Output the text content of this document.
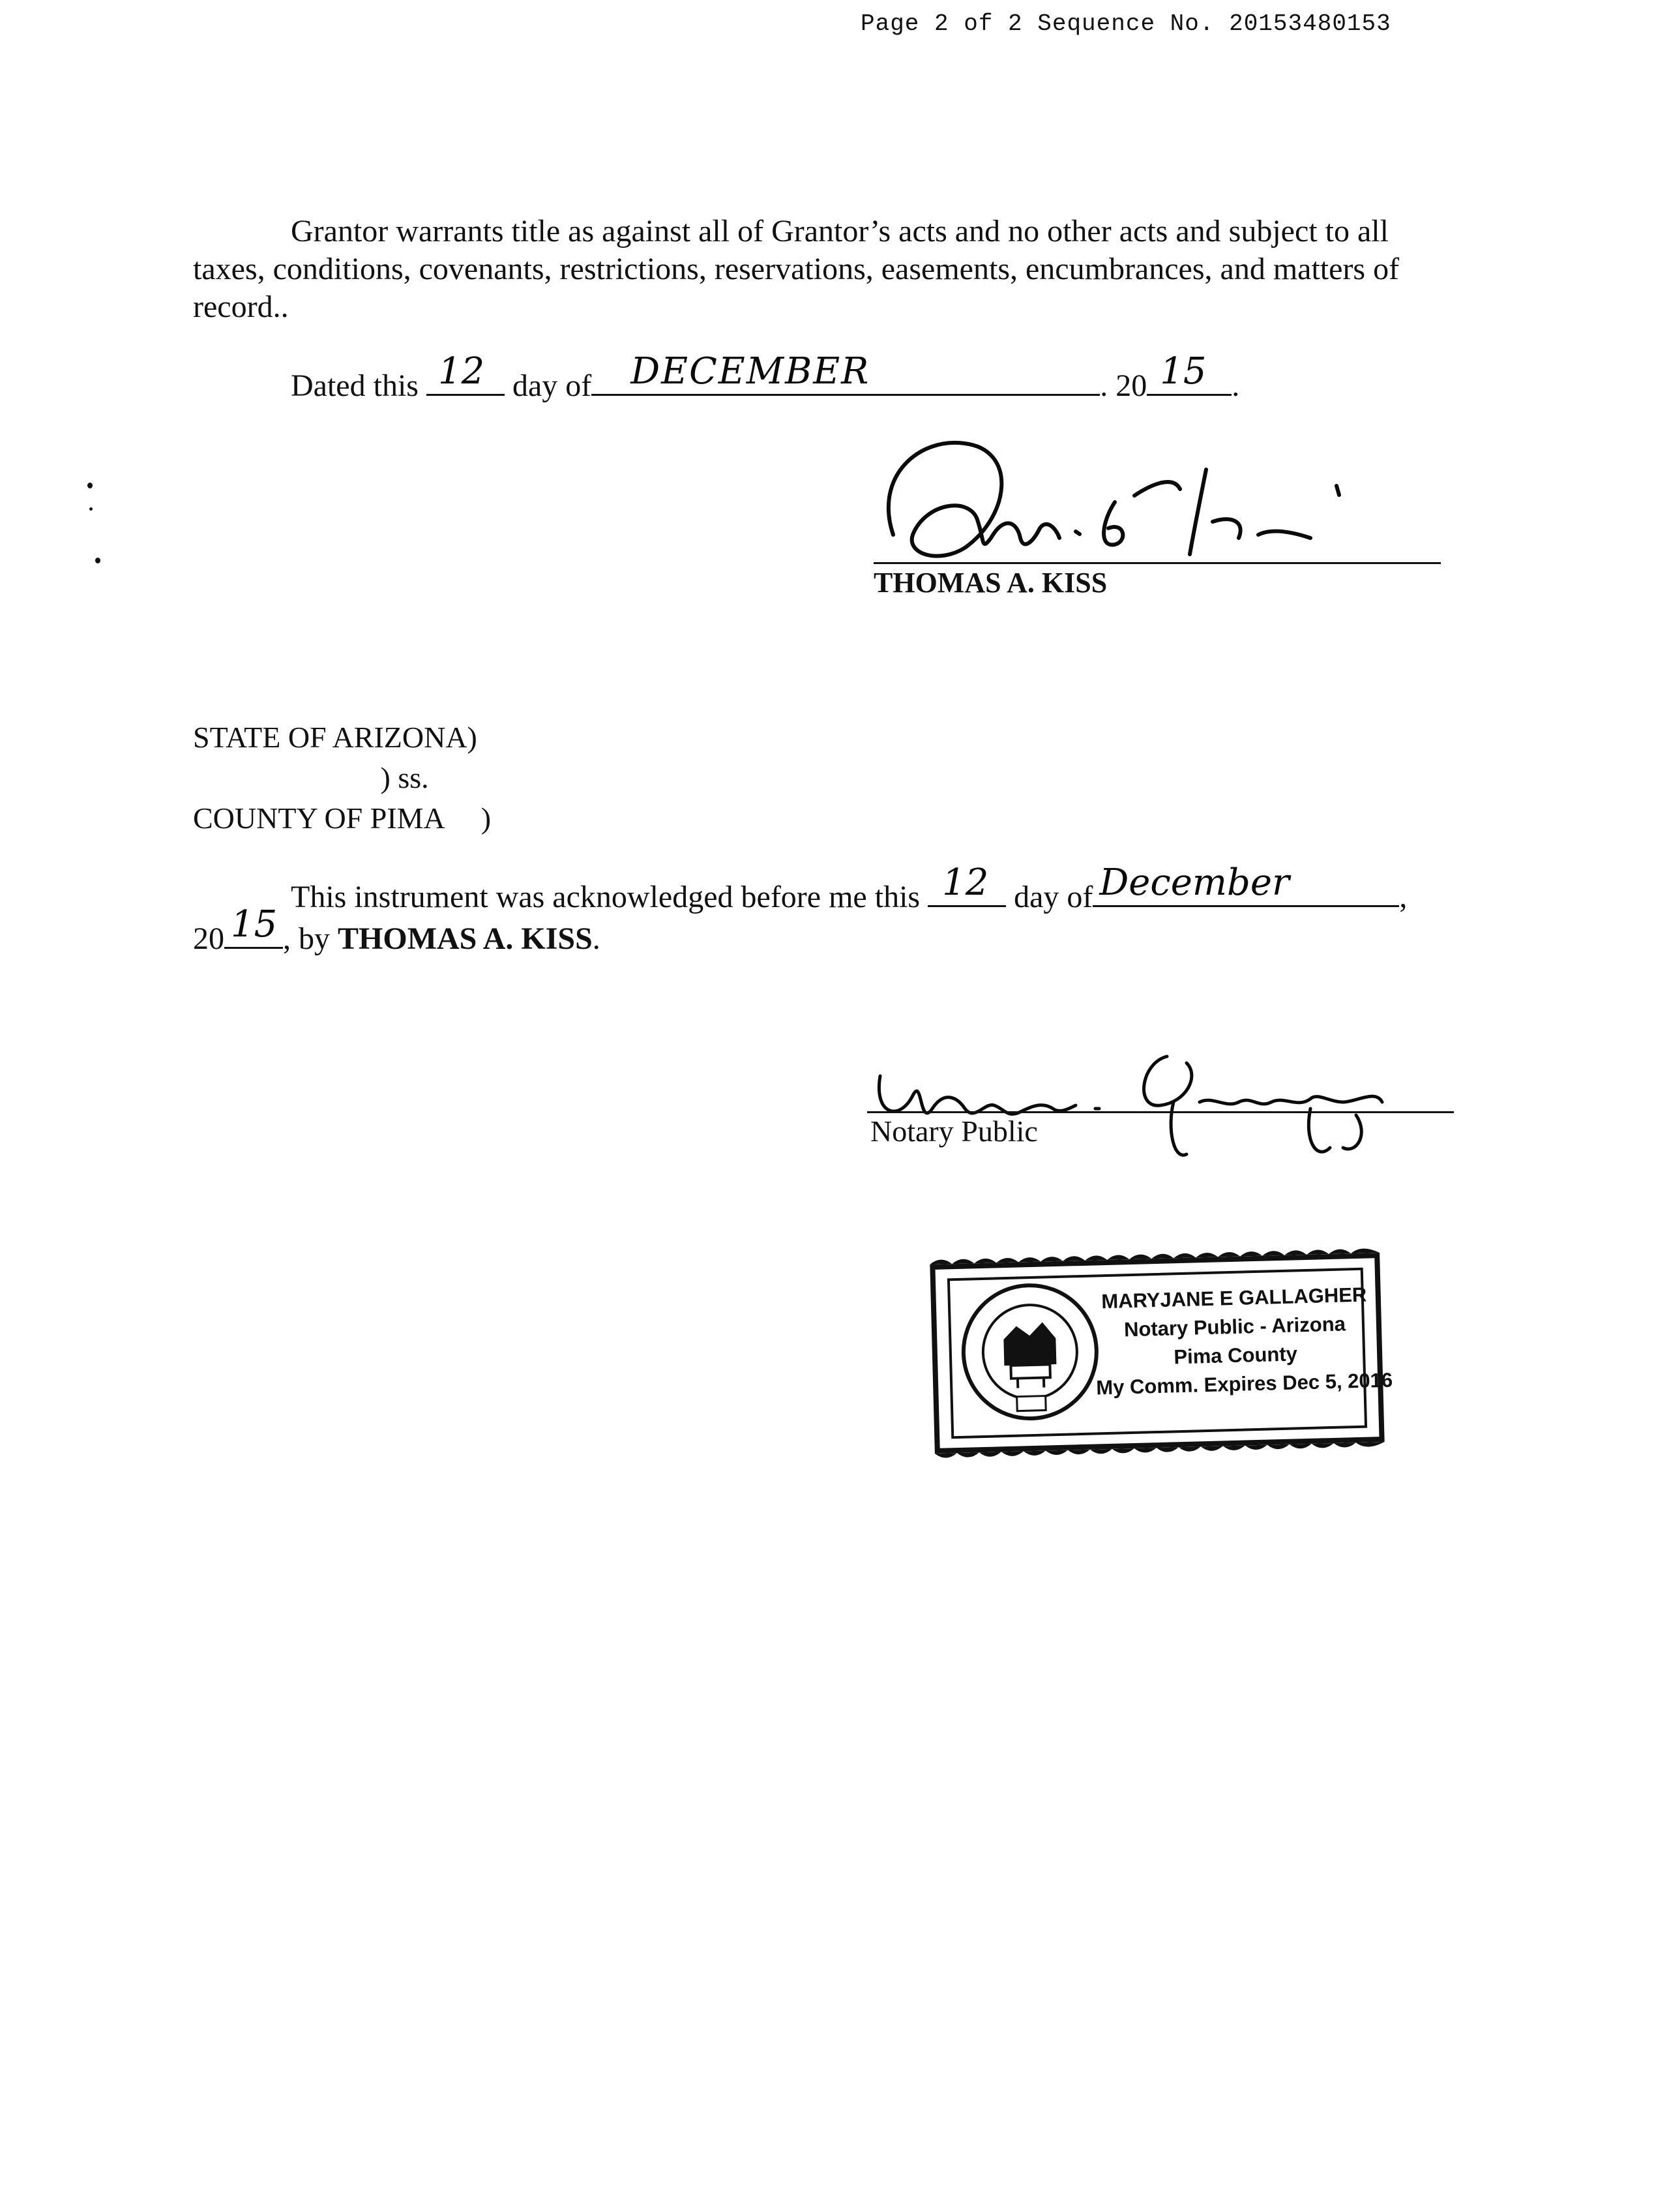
Page 2 of 2 Sequence No. 20153480153

Grantor warrants title as against all of Grantor’s acts and no other acts and subject to all taxes, conditions, covenants, restrictions, reservations, easements, encumbrances, and matters of record..

Dated this 12 day of DECEMBER	. 20 15 .
THOMAS A. KISS
STATE OF ARIZONA)
) ss.
COUNTY OF PIMA     )
This instrument was acknowledged before me this 12 day of December	,
20 15 , by THOMAS A. KISS.
Notary Public
MARYJANE E GALLAGHER
Notary Public - Arizona
Pima County
My Comm. Expires Dec 5, 2016
